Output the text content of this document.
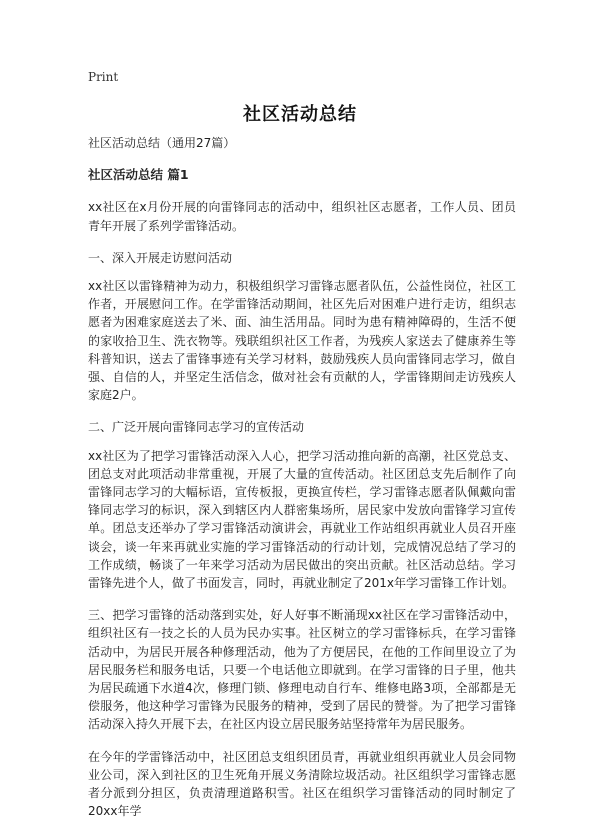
Print
社区活动总结

社区活动总结（通用27篇）

社区活动总结 篇1

xx社区在x月份开展的向雷锋同志的活动中，组织社区志愿者，工作人员、团员青年开展了系列学雷锋活动。

一、深入开展走访慰问活动

xx社区以雷锋精神为动力，积极组织学习雷锋志愿者队伍，公益性岗位，社区工作者，开展慰问工作。在学雷锋活动期间，社区先后对困难户进行走访，组织志愿者为困难家庭送去了米、面、油生活用品。同时为患有精神障碍的，生活不便的家收拾卫生、洗衣物等。残联组织社区工作者，为残疾人家送去了健康养生等科普知识，送去了雷锋事迹有关学习材料，鼓励残疾人员向雷锋同志学习，做自强、自信的人，并坚定生活信念，做对社会有贡献的人，学雷锋期间走访残疾人家庭2户。

二、广泛开展向雷锋同志学习的宣传活动

xx社区为了把学习雷锋活动深入人心，把学习活动推向新的高潮，社区党总支、团总支对此项活动非常重视，开展了大量的宣传活动。社区团总支先后制作了向雷锋同志学习的大幅标语，宣传板报，更换宣传栏，学习雷锋志愿者队佩戴向雷锋同志学习的标识，深入到辖区内人群密集场所，居民家中发放向雷锋学习宣传单。团总支还举办了学习雷锋活动演讲会，再就业工作站组织再就业人员召开座谈会，谈一年来再就业实施的学习雷锋活动的行动计划，完成情况总结了学习的工作成绩，畅谈了一年来学习活动为居民做出的突出贡献。社区活动总结。学习雷锋先进个人，做了书面发言，同时，再就业制定了201x年学习雷锋工作计划。

三、把学习雷锋的活动落到实处，好人好事不断涌现xx社区在学习雷锋活动中，组织社区有一技之长的人员为民办实事。社区树立的学习雷锋标兵，在学习雷锋活动中，为居民开展各种修理活动，他为了方便居民，在他的工作间里设立了为居民服务栏和服务电话，只要一个电话他立即就到。在学习雷锋的日子里，他共为居民疏通下水道4次，修理门锁、修理电动自行车、维修电路3项，全部都是无偿服务，他这种学习雷锋为民服务的精神，受到了居民的赞誉。为了把学习雷锋活动深入持久开展下去，在社区内设立居民服务站坚持常年为居民服务。

在今年的学雷锋活动中，社区团总支组织团员青，再就业组织再就业人员会同物业公司，深入到社区的卫生死角开展义务清除垃圾活动。社区组织学习雷锋志愿者分派到分担区，负责清理道路积雪。社区在组织学习雷锋活动的同时制定了20xx年学
